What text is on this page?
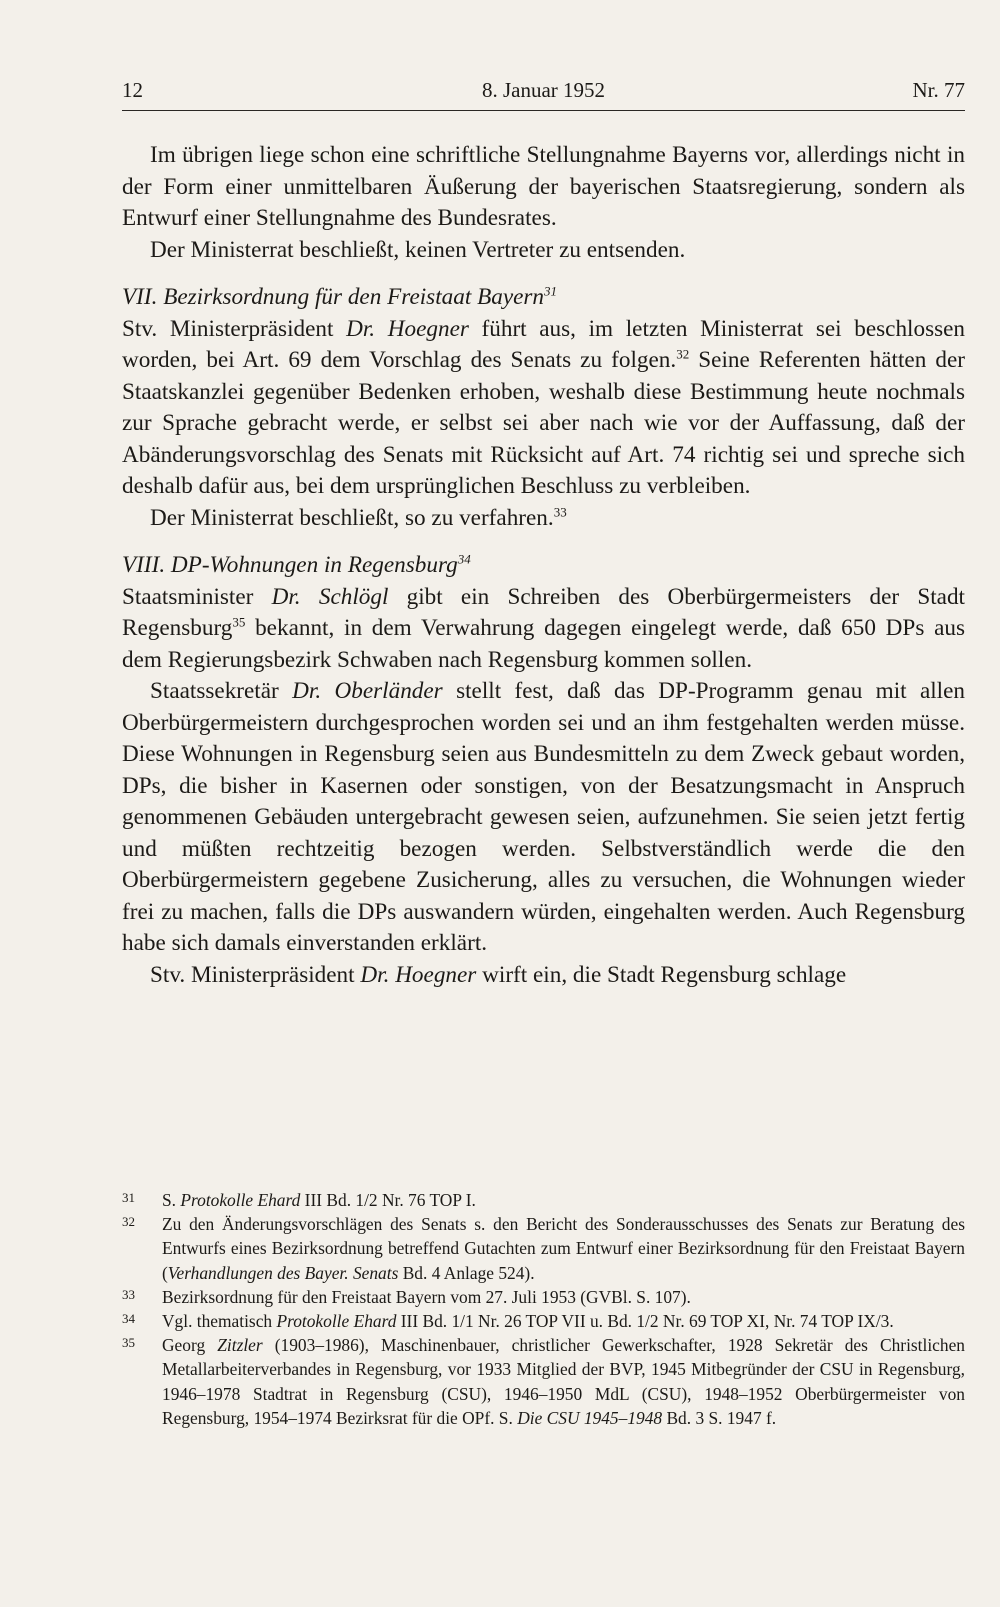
12	8. Januar 1952	Nr. 77

Im übrigen liege schon eine schriftliche Stellungnahme Bayerns vor, allerdings nicht in der Form einer unmittelbaren Äußerung der bayerischen Staatsregierung, sondern als Entwurf einer Stellungnahme des Bundesrates.

Der Ministerrat beschließt, keinen Vertreter zu entsenden.

VII. Bezirksordnung für den Freistaat Bayern$^{31}$

Stv. Ministerpräsident Dr. Hoegner führt aus, im letzten Ministerrat sei beschlossen worden, bei Art. 69 dem Vorschlag des Senats zu folgen.$^{32}$ Seine Referenten hätten der Staatskanzlei gegenüber Bedenken erhoben, weshalb diese Bestimmung heute nochmals zur Sprache gebracht werde, er selbst sei aber nach wie vor der Auffassung, daß der Abänderungsvorschlag des Senats mit Rücksicht auf Art. 74 richtig sei und spreche sich deshalb dafür aus, bei dem ursprünglichen Beschluss zu verbleiben.

Der Ministerrat beschließt, so zu verfahren.$^{33}$

VIII. DP-Wohnungen in Regensburg$^{34}$

Staatsminister Dr. Schlögl gibt ein Schreiben des Oberbürgermeisters der Stadt Regensburg$^{35}$ bekannt, in dem Verwahrung dagegen eingelegt werde, daß 650 DPs aus dem Regierungsbezirk Schwaben nach Regensburg kommen sollen.

Staatssekretär Dr. Oberländer stellt fest, daß das DP-Programm genau mit allen Oberbürgermeistern durchgesprochen worden sei und an ihm festgehalten werden müsse. Diese Wohnungen in Regensburg seien aus Bundesmitteln zu dem Zweck gebaut worden, DPs, die bisher in Kasernen oder sonstigen, von der Besatzungsmacht in Anspruch genommenen Gebäuden untergebracht gewesen seien, aufzunehmen. Sie seien jetzt fertig und müßten rechtzeitig bezogen werden. Selbstverständlich werde die den Oberbürgermeistern gegebene Zusicherung, alles zu versuchen, die Wohnungen wieder frei zu machen, falls die DPs auswandern würden, eingehalten werden. Auch Regensburg habe sich damals einverstanden erklärt.

Stv. Ministerpräsident Dr. Hoegner wirft ein, die Stadt Regensburg schlage

31 S. Protokolle Ehard III Bd. 1/2 Nr. 76 TOP I.
32 Zu den Änderungsvorschlägen des Senats s. den Bericht des Sonderausschusses des Senats zur Beratung des Entwurfs eines Bezirksordnung betreffend Gutachten zum Entwurf einer Bezirksordnung für den Freistaat Bayern (Verhandlungen des Bayer. Senats Bd. 4 Anlage 524).
33 Bezirksordnung für den Freistaat Bayern vom 27. Juli 1953 (GVBl. S. 107).
34 Vgl. thematisch Protokolle Ehard III Bd. 1/1 Nr. 26 TOP VII u. Bd. 1/2 Nr. 69 TOP XI, Nr. 74 TOP IX/3.
35 Georg Zitzler (1903–1986), Maschinenbauer, christlicher Gewerkschafter, 1928 Sekretär des Christlichen Metallarbeiterverbandes in Regensburg, vor 1933 Mitglied der BVP, 1945 Mitbegründer der CSU in Regensburg, 1946–1978 Stadtrat in Regensburg (CSU), 1946–1950 MdL (CSU), 1948–1952 Oberbürgermeister von Regensburg, 1954–1974 Bezirksrat für die OPf. S. Die CSU 1945–1948 Bd. 3 S. 1947 f.
